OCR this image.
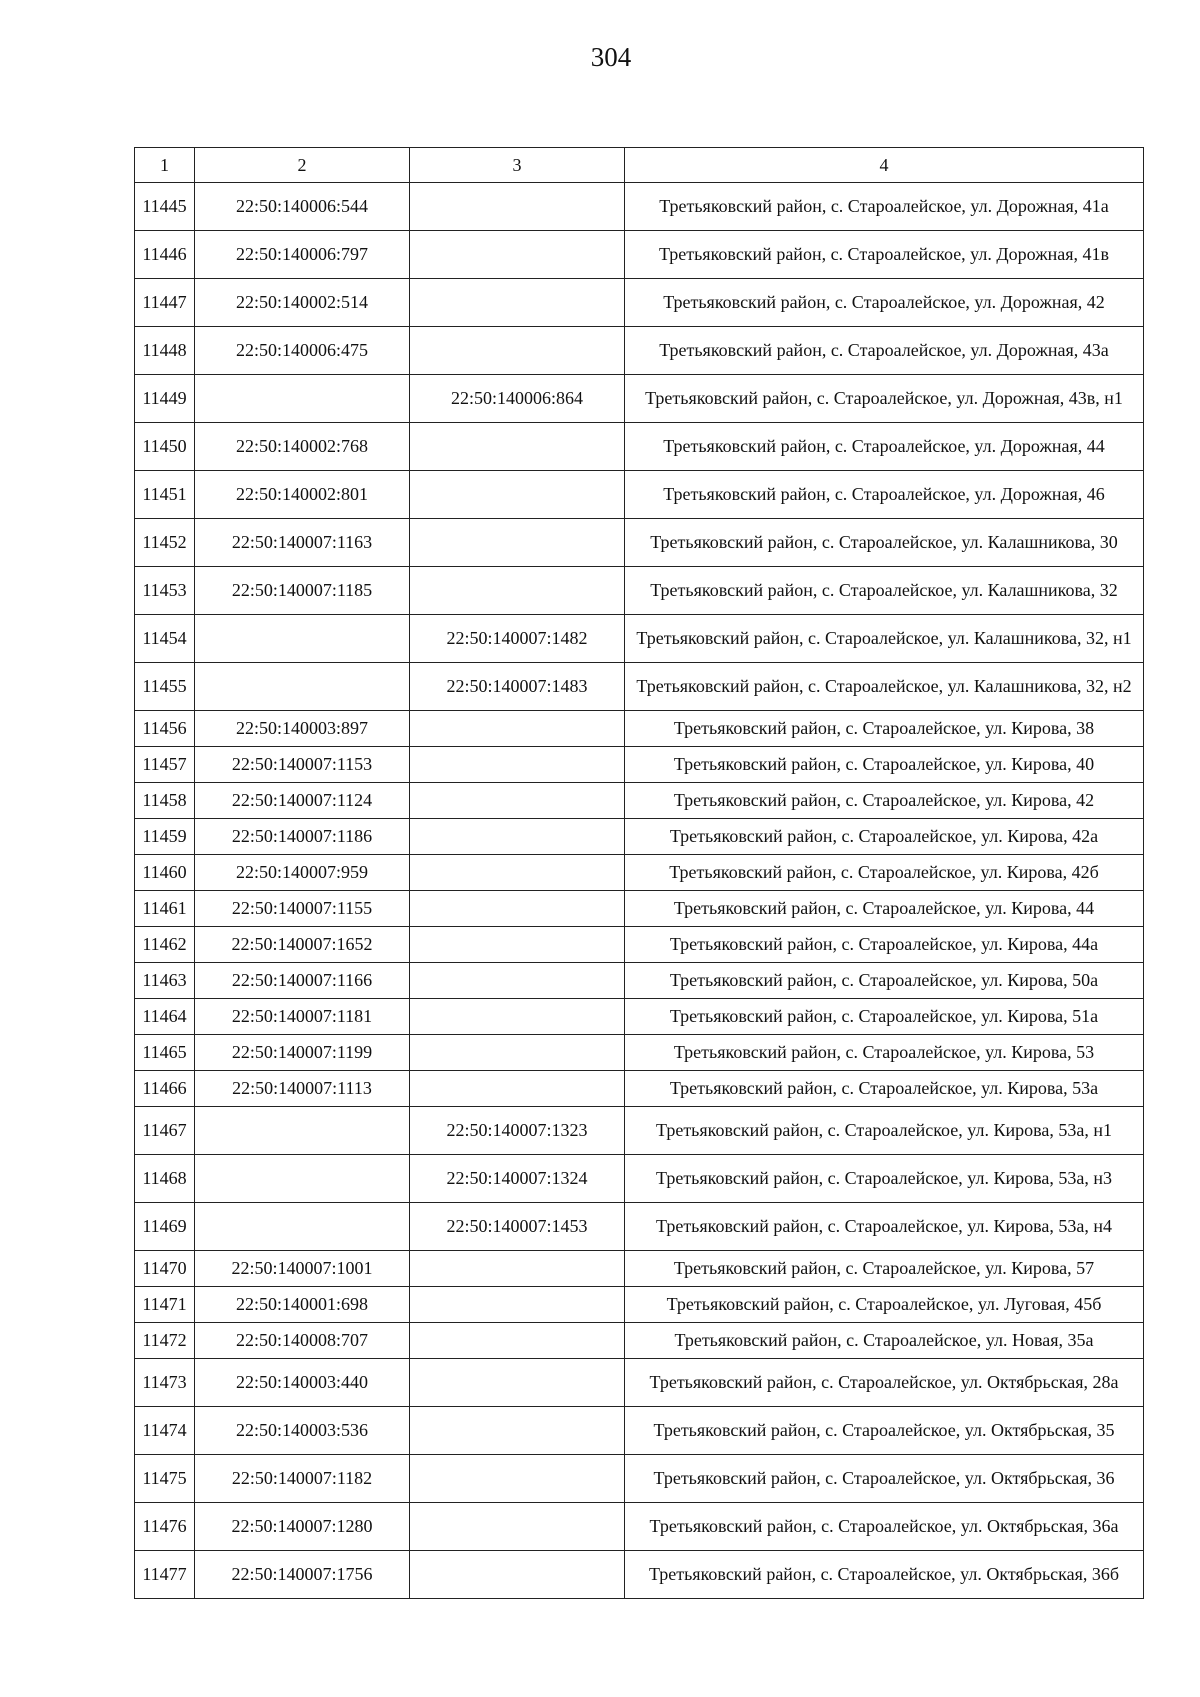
304
1	2	3	4
11445	22:50:140006:544		Третьяковский район, с. Староалейское, ул. Дорожная, 41а
11446	22:50:140006:797		Третьяковский район, с. Староалейское, ул. Дорожная, 41в
11447	22:50:140002:514		Третьяковский район, с. Староалейское, ул. Дорожная, 42
11448	22:50:140006:475		Третьяковский район, с. Староалейское, ул. Дорожная, 43а
11449		22:50:140006:864	Третьяковский район, с. Староалейское, ул. Дорожная, 43в, н1
11450	22:50:140002:768		Третьяковский район, с. Староалейское, ул. Дорожная, 44
11451	22:50:140002:801		Третьяковский район, с. Староалейское, ул. Дорожная, 46
11452	22:50:140007:1163		Третьяковский район, с. Староалейское, ул. Калашникова, 30
11453	22:50:140007:1185		Третьяковский район, с. Староалейское, ул. Калашникова, 32
11454		22:50:140007:1482	Третьяковский район, с. Староалейское, ул. Калашникова, 32, н1
11455		22:50:140007:1483	Третьяковский район, с. Староалейское, ул. Калашникова, 32, н2
11456	22:50:140003:897		Третьяковский район, с. Староалейское, ул. Кирова, 38
11457	22:50:140007:1153		Третьяковский район, с. Староалейское, ул. Кирова, 40
11458	22:50:140007:1124		Третьяковский район, с. Староалейское, ул. Кирова, 42
11459	22:50:140007:1186		Третьяковский район, с. Староалейское, ул. Кирова, 42а
11460	22:50:140007:959		Третьяковский район, с. Староалейское, ул. Кирова, 42б
11461	22:50:140007:1155		Третьяковский район, с. Староалейское, ул. Кирова, 44
11462	22:50:140007:1652		Третьяковский район, с. Староалейское, ул. Кирова, 44а
11463	22:50:140007:1166		Третьяковский район, с. Староалейское, ул. Кирова, 50а
11464	22:50:140007:1181		Третьяковский район, с. Староалейское, ул. Кирова, 51а
11465	22:50:140007:1199		Третьяковский район, с. Староалейское, ул. Кирова, 53
11466	22:50:140007:1113		Третьяковский район, с. Староалейское, ул. Кирова, 53а
11467		22:50:140007:1323	Третьяковский район, с. Староалейское, ул. Кирова, 53а, н1
11468		22:50:140007:1324	Третьяковский район, с. Староалейское, ул. Кирова, 53а, н3
11469		22:50:140007:1453	Третьяковский район, с. Староалейское, ул. Кирова, 53а, н4
11470	22:50:140007:1001		Третьяковский район, с. Староалейское, ул. Кирова, 57
11471	22:50:140001:698		Третьяковский район, с. Староалейское, ул. Луговая, 45б
11472	22:50:140008:707		Третьяковский район, с. Староалейское, ул. Новая, 35а
11473	22:50:140003:440		Третьяковский район, с. Староалейское, ул. Октябрьская, 28а
11474	22:50:140003:536		Третьяковский район, с. Староалейское, ул. Октябрьская, 35
11475	22:50:140007:1182		Третьяковский район, с. Староалейское, ул. Октябрьская, 36
11476	22:50:140007:1280		Третьяковский район, с. Староалейское, ул. Октябрьская, 36а
11477	22:50:140007:1756		Третьяковский район, с. Староалейское, ул. Октябрьская, 36б
